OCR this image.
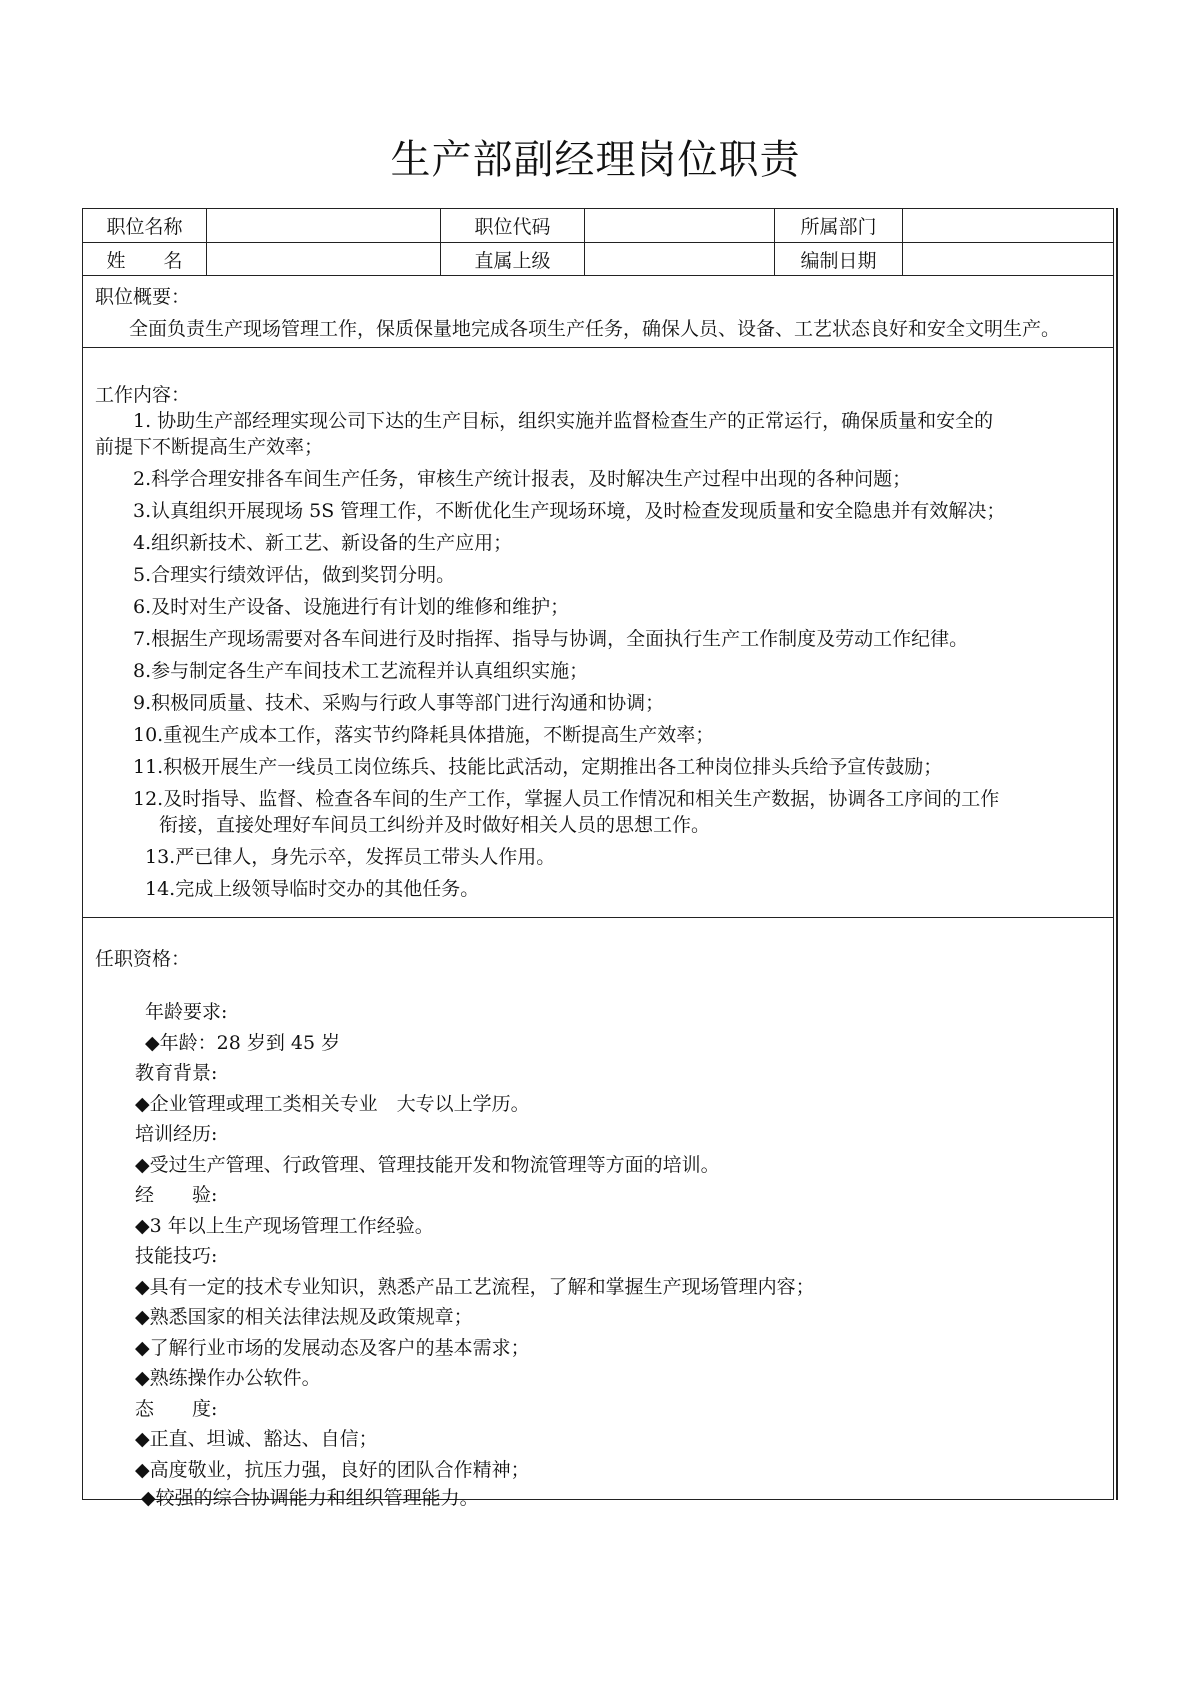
生产部副经理岗位职责
职位名称	职位代码	所属部门
姓　　名	直属上级	编制日期
职位概要：
全面负责生产现场管理工作，保质保量地完成各项生产任务，确保人员、设备、工艺状态良好和安全文明生产。
工作内容：
1. 协助生产部经理实现公司下达的生产目标，组织实施并监督检查生产的正常运行，确保质量和安全的
前提下不断提高生产效率；
2.科学合理安排各车间生产任务，审核生产统计报表，及时解决生产过程中出现的各种问题；
3.认真组织开展现场 5S 管理工作，不断优化生产现场环境，及时检查发现质量和安全隐患并有效解决；
4.组织新技术、新工艺、新设备的生产应用；
5.合理实行绩效评估，做到奖罚分明。
6.及时对生产设备、设施进行有计划的维修和维护；
7.根据生产现场需要对各车间进行及时指挥、指导与协调，全面执行生产工作制度及劳动工作纪律。
8.参与制定各生产车间技术工艺流程并认真组织实施；
9.积极同质量、技术、采购与行政人事等部门进行沟通和协调；
10.重视生产成本工作，落实节约降耗具体措施，不断提高生产效率；
11.积极开展生产一线员工岗位练兵、技能比武活动，定期推出各工种岗位排头兵给予宣传鼓励；
12.及时指导、监督、检查各车间的生产工作，掌握人员工作情况和相关生产数据，协调各工序间的工作
衔接，直接处理好车间员工纠纷并及时做好相关人员的思想工作。
13.严已律人，身先示卒，发挥员工带头人作用。
14.完成上级领导临时交办的其他任务。
任职资格：
年龄要求:
◆年龄：28 岁到 45 岁
教育背景:
◆企业管理或理工类相关专业　大专以上学历。
培训经历:
◆受过生产管理、行政管理、管理技能开发和物流管理等方面的培训。
经　　验:
◆3 年以上生产现场管理工作经验。
技能技巧:
◆具有一定的技术专业知识，熟悉产品工艺流程，了解和掌握生产现场管理内容；
◆熟悉国家的相关法律法规及政策规章；
◆了解行业市场的发展动态及客户的基本需求；
◆熟练操作办公软件。
态　　度:
◆正直、坦诚、豁达、自信；
◆高度敬业，抗压力强，良好的团队合作精神；
◆较强的综合协调能力和组织管理能力。
